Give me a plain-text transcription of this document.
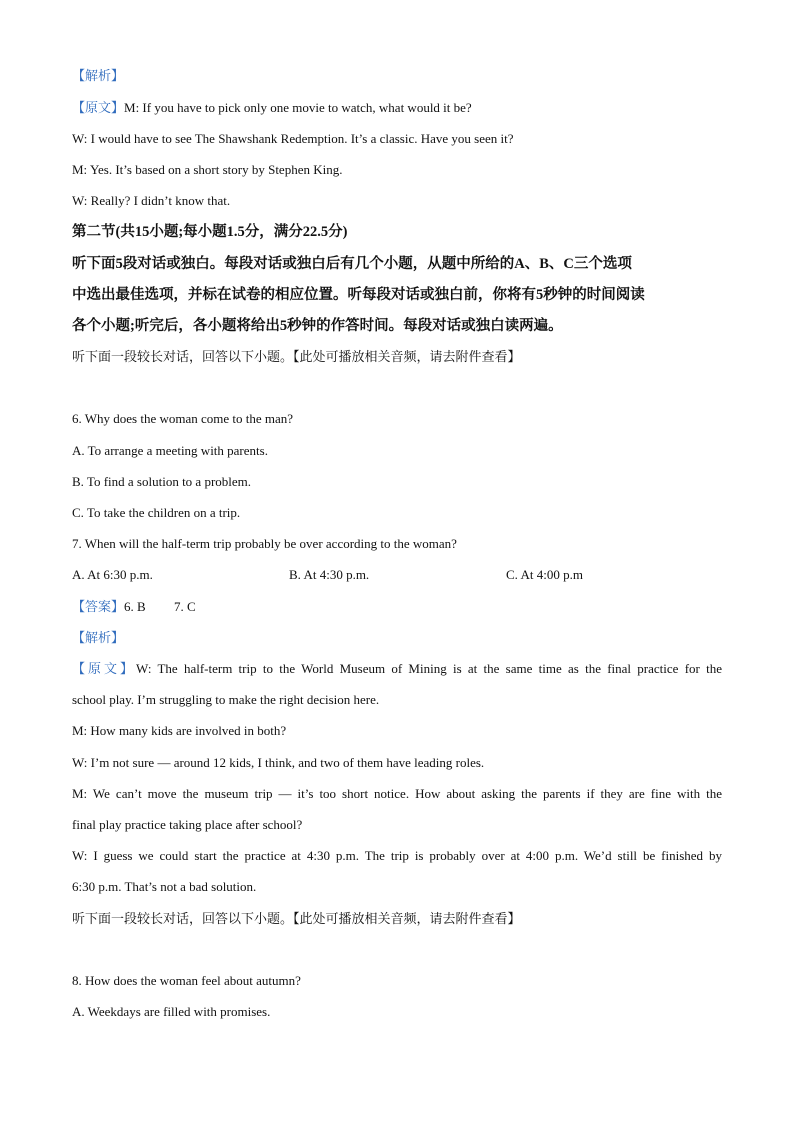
【解析】
【原文】M: If you have to pick only one movie to watch, what would it be?
W: I would have to see The Shawshank Redemption. It’s a classic. Have you seen it?
M: Yes. It’s based on a short story by Stephen King.
W: Really? I didn’t know that.
第二节(共15小题;每小题1.5分，满分22.5分)
听下面5段对话或独白。每段对话或独白后有几个小题，从题中所给的A、B、C三个选项
中选出最佳选项，并标在试卷的相应位置。听每段对话或独白前，你将有5秒钟的时间阅读
各个小题;听完后，各小题将给出5秒钟的作答时间。每段对话或独白读两遍。
听下面一段较长对话，回答以下小题。【此处可播放相关音频，请去附件查看】
6. Why does the woman come to the man?
A. To arrange a meeting with parents.
B. To find a solution to a problem.
C. To take the children on a trip.
7. When will the half-term trip probably be over according to the woman?
A. At 6:30 p.m.	B. At 4:30 p.m.	C. At 4:00 p.m
【答案】6. B 7. C
【解析】
【原文】W: The half-term trip to the World Museum of Mining is at the same time as the final practice for the
school play. I’m struggling to make the right decision here.
M: How many kids are involved in both?
W: I’m not sure — around 12 kids, I think, and two of them have leading roles.
M: We can’t move the museum trip — it’s too short notice. How about asking the parents if they are fine with the
final play practice taking place after school?
W: I guess we could start the practice at 4:30 p.m. The trip is probably over at 4:00 p.m. We’d still be finished by
6:30 p.m. That’s not a bad solution.
听下面一段较长对话，回答以下小题。【此处可播放相关音频，请去附件查看】
8. How does the woman feel about autumn?
A. Weekdays are filled with promises.
